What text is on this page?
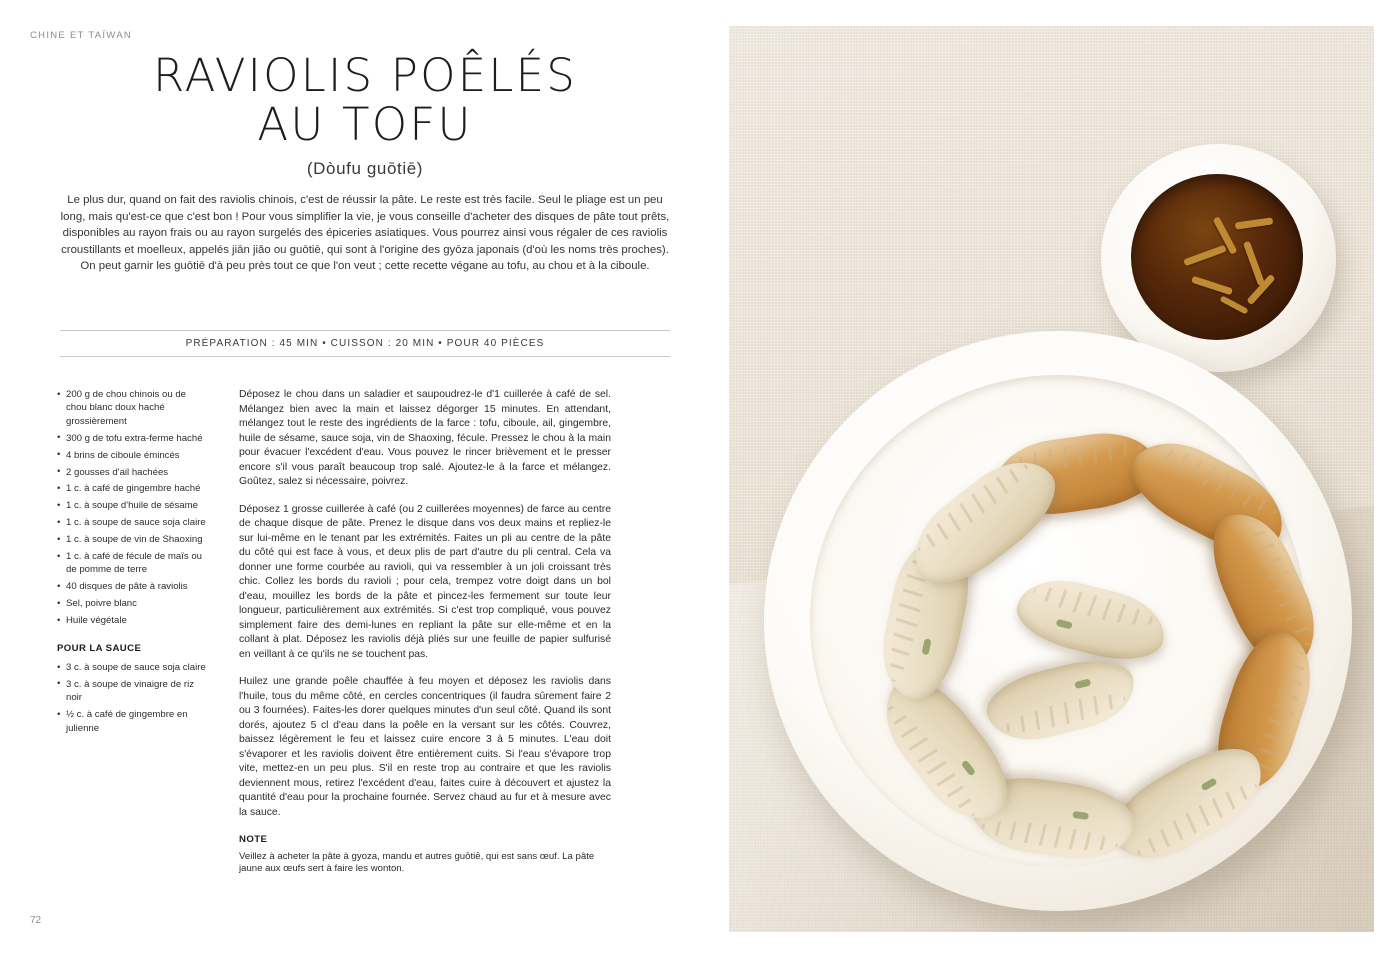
CHINE ET TAÏWAN
RAVIOLIS POÊLÉS
AU TOFU
(Dòufu guōtiē)
Le plus dur, quand on fait des raviolis chinois, c'est de réussir la pâte. Le reste est très facile. Seul le pliage est un peu long, mais qu'est-ce que c'est bon ! Pour vous simplifier la vie, je vous conseille d'acheter des disques de pâte tout prêts, disponibles au rayon frais ou au rayon surgelés des épiceries asiatiques. Vous pourrez ainsi vous régaler de ces raviolis croustillants et moelleux, appelés jiān jiǎo ou guōtiē, qui sont à l'origine des gyōza japonais (d'où les noms très proches). On peut garnir les guōtiē d'à peu près tout ce que l'on veut ; cette recette végane au tofu, au chou et à la ciboule.
PRÉPARATION : 45 MIN • CUISSON : 20 MIN • POUR 40 PIÈCES
• 200 g de chou chinois ou de chou blanc doux haché grossièrement
• 300 g de tofu extra-ferme haché
• 4 brins de ciboule émincés
• 2 gousses d'ail hachées
• 1 c. à café de gingembre haché
• 1 c. à soupe d'huile de sésame
• 1 c. à soupe de sauce soja claire
• 1 c. à soupe de vin de Shaoxing
• 1 c. à café de fécule de maïs ou de pomme de terre
• 40 disques de pâte à raviolis
• Sel, poivre blanc
• Huile végétale
POUR LA SAUCE
• 3 c. à soupe de sauce soja claire
• 3 c. à soupe de vinaigre de riz noir
• ½ c. à café de gingembre en julienne

Déposez le chou dans un saladier et saupoudrez-le d'1 cuillerée à café de sel. Mélangez bien avec la main et laissez dégorger 15 minutes. En attendant, mélangez tout le reste des ingrédients de la farce : tofu, ciboule, ail, gingembre, huile de sésame, sauce soja, vin de Shaoxing, fécule. Pressez le chou à la main pour évacuer l'excédent d'eau. Vous pouvez le rincer brièvement et le presser encore s'il vous paraît beaucoup trop salé. Ajoutez-le à la farce et mélangez. Goûtez, salez si nécessaire, poivrez.

Déposez 1 grosse cuillerée à café (ou 2 cuillerées moyennes) de farce au centre de chaque disque de pâte. Prenez le disque dans vos deux mains et repliez-le sur lui-même en le tenant par les extrémités. Faites un pli au centre de la pâte du côté qui est face à vous, et deux plis de part d'autre du pli central. Cela va donner une forme courbée au ravioli, qui va ressembler à un joli croissant très chic. Collez les bords du ravioli ; pour cela, trempez votre doigt dans un bol d'eau, mouillez les bords de la pâte et pincez-les fermement sur toute leur longueur, particulièrement aux extrémités. Si c'est trop compliqué, vous pouvez simplement faire des demi-lunes en repliant la pâte sur elle-même et en la collant à plat. Déposez les raviolis déjà pliés sur une feuille de papier sulfurisé en veillant à ce qu'ils ne se touchent pas.

Huilez une grande poêle chauffée à feu moyen et déposez les raviolis dans l'huile, tous du même côté, en cercles concentriques (il faudra sûrement faire 2 ou 3 fournées). Faites-les dorer quelques minutes d'un seul côté. Quand ils sont dorés, ajoutez 5 cl d'eau dans la poêle en la versant sur les côtés. Couvrez, baissez légèrement le feu et laissez cuire encore 3 à 5 minutes. L'eau doit s'évaporer et les raviolis doivent être entièrement cuits. Si l'eau s'évapore trop vite, mettez-en un peu plus. S'il en reste trop au contraire et que les raviolis deviennent mous, retirez l'excédent d'eau, faites cuire à découvert et ajustez la quantité d'eau pour la prochaine fournée. Servez chaud au fur et à mesure avec la sauce.

NOTE
Veillez à acheter la pâte à gyoza, mandu et autres guōtiē, qui est sans œuf. La pâte jaune aux œufs sert à faire les wonton.
72
